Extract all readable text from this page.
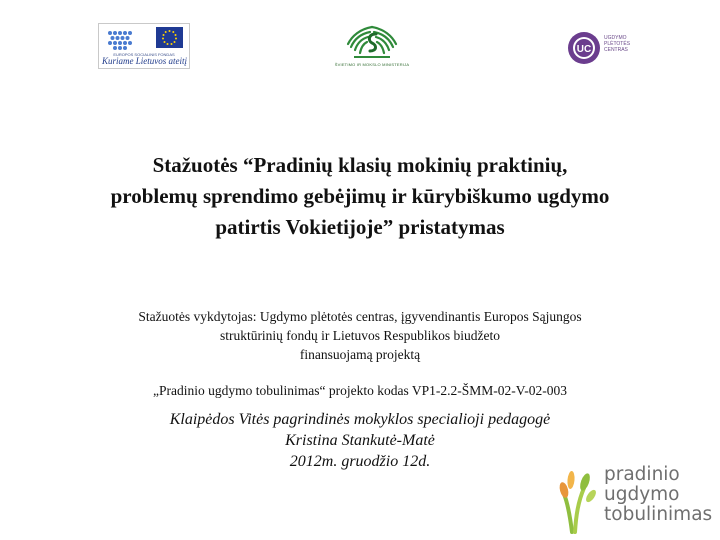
EUROPOS SOCIALINIS FONDAS
Kuriame Lietuvos ateitį	ŠVIETIMO IR MOKSLO MINISTERIJA
UC
UGDYMO
PLĖTOTĖS
CENTRAS
Stažuotės “Pradinių klasių mokinių praktinių,
problemų sprendimo gebėjimų ir kūrybiškumo ugdymo
patirtis Vokietijoje” pristatymas
Stažuotės vykdytojas: Ugdymo plėtotės centras, įgyvendinantis Europos Sąjungos
struktūrinių fondų ir Lietuvos Respublikos biudžeto
finansuojamą projektą
„Pradinio ugdymo tobulinimas“ projekto kodas VP1-2.2-ŠMM-02-V-02-003
Klaipėdos Vitės pagrindinės mokyklos specialioji pedagogė
Kristina Stankutė-Matė
2012m. gruodžio 12d.
pradinio
ugdymo
tobulinimas
